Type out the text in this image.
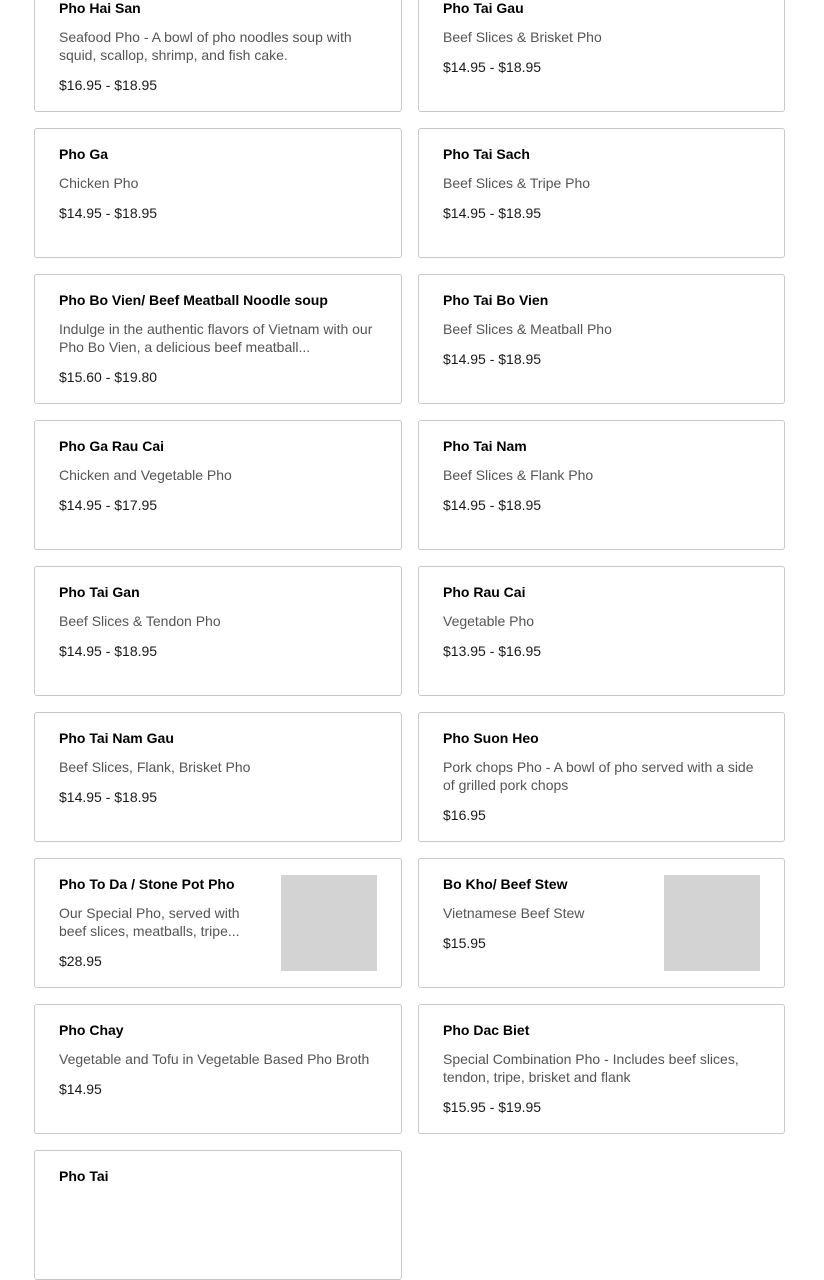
Pho Hai San
Seafood Pho - A bowl of pho noodles soup with squid, scallop, shrimp, and fish cake.
$16.95 - $18.95
Pho Tai Gau
Beef Slices & Brisket Pho
$14.95 - $18.95
Pho Ga
Chicken Pho
$14.95 - $18.95
Pho Tai Sach
Beef Slices & Tripe Pho
$14.95 - $18.95
Pho Bo Vien/ Beef Meatball Noodle soup
Indulge in the authentic flavors of Vietnam with our Pho Bo Vien, a delicious beef meatball...
$15.60 - $19.80
Pho Tai Bo Vien
Beef Slices & Meatball Pho
$14.95 - $18.95
Pho Ga Rau Cai
Chicken and Vegetable Pho
$14.95 - $17.95
Pho Tai Nam
Beef Slices & Flank Pho
$14.95 - $18.95
Pho Tai Gan
Beef Slices & Tendon Pho
$14.95 - $18.95
Pho Rau Cai
Vegetable Pho
$13.95 - $16.95
Pho Tai Nam Gau
Beef Slices, Flank, Brisket Pho
$14.95 - $18.95
Pho Suon Heo
Pork chops Pho - A bowl of pho served with a side of grilled pork chops
$16.95
Pho To Da / Stone Pot Pho
Our Special Pho, served with beef slices, meatballs, tripe...
$28.95
Bo Kho/ Beef Stew
Vietnamese Beef Stew
$15.95
Pho Chay
Vegetable and Tofu in Vegetable Based Pho Broth
$14.95
Pho Dac Biet
Special Combination Pho - Includes beef slices, tendon, tripe, brisket and flank
$15.95 - $19.95
Pho Tai
